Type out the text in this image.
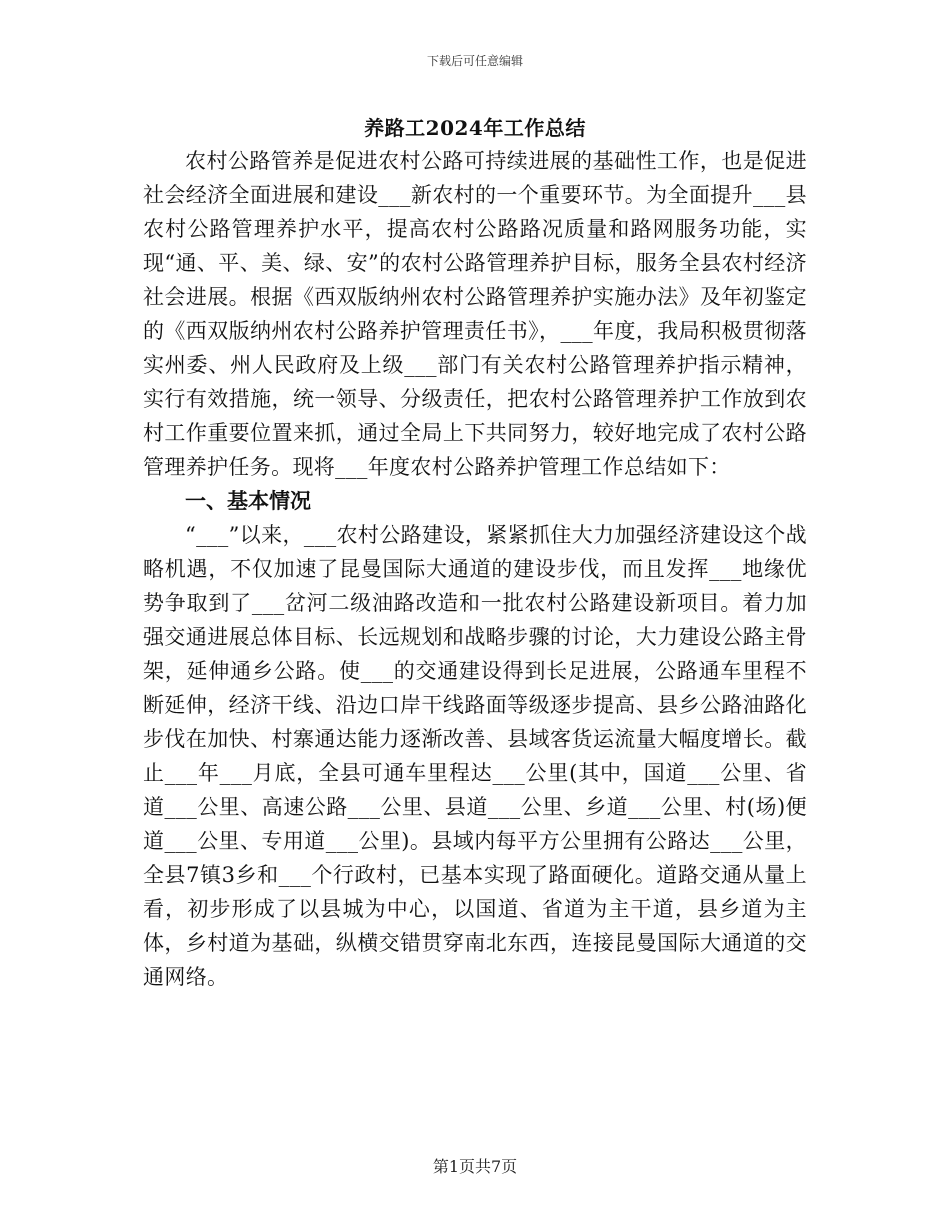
下载后可任意编辑
养路工2024年工作总结

农村公路管养是促进农村公路可持续进展的基础性工作，也是促进社会经济全面进展和建设___新农村的一个重要环节。为全面提升___县农村公路管理养护水平，提高农村公路路况质量和路网服务功能，实现“通、平、美、绿、安”的农村公路管理养护目标，服务全县农村经济社会进展。根据《西双版纳州农村公路管理养护实施办法》及年初鉴定的《西双版纳州农村公路养护管理责任书》，___年度，我局积极贯彻落实州委、州人民政府及上级___部门有关农村公路管理养护指示精神，实行有效措施，统一领导、分级责任，把农村公路管理养护工作放到农村工作重要位置来抓，通过全局上下共同努力，较好地完成了农村公路管理养护任务。现将___年度农村公路养护管理工作总结如下：

一、基本情况

“___”以来，___农村公路建设，紧紧抓住大力加强经济建设这个战略机遇，不仅加速了昆曼国际大通道的建设步伐，而且发挥___地缘优势争取到了___岔河二级油路改造和一批农村公路建设新项目。着力加强交通进展总体目标、长远规划和战略步骤的讨论，大力建设公路主骨架，延伸通乡公路。使___的交通建设得到长足进展，公路通车里程不断延伸，经济干线、沿边口岸干线路面等级逐步提高、县乡公路油路化步伐在加快、村寨通达能力逐渐改善、县域客货运流量大幅度增长。截止___年___月底，全县可通车里程达___公里(其中，国道___公里、省道___公里、高速公路___公里、县道___公里、乡道___公里、村(场)便道___公里、专用道___公里)。县域内每平方公里拥有公路达___公里，全县7镇3乡和___个行政村，已基本实现了路面硬化。道路交通从量上看，初步形成了以县城为中心，以国道、省道为主干道，县乡道为主体，乡村道为基础，纵横交错贯穿南北东西，连接昆曼国际大通道的交通网络。

第1页共7页
